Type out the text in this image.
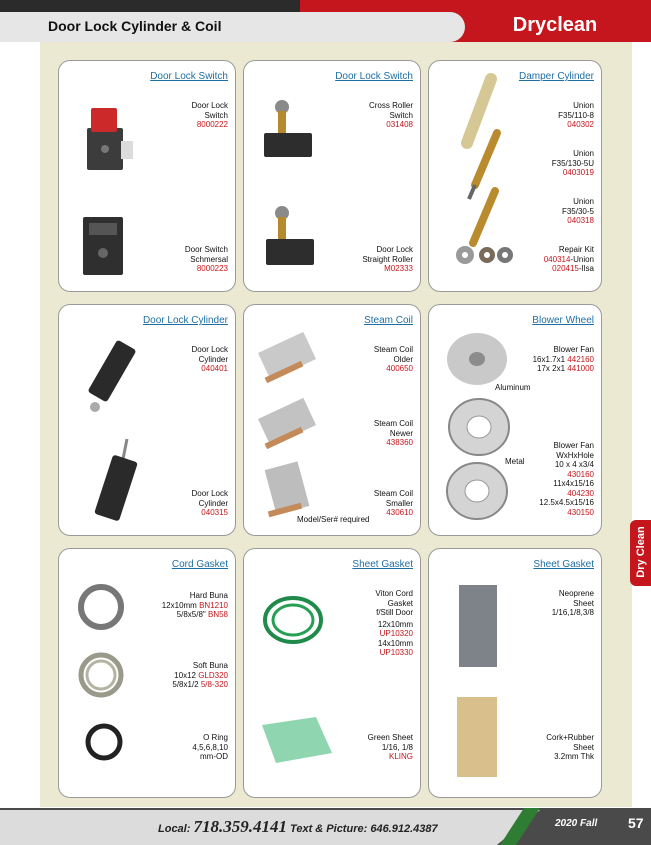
Door Lock Cylinder & Coil	Dryclean
Door Lock Switch
Door Lock
Switch
8000222
Door Switch
Schmersal
8000223
Door Lock Switch
Cross Roller
Switch
031408
Door Lock
Straight Roller
M02333
Damper Cylinder
Union
F35/110-8
040302
Union
F35/130-5U
0403019
Union
F35/30-5
040318
Repair Kit
040314-Union
020415-Ilsa
Door Lock Cylinder
Door Lock
Cylinder
040401
Door Lock
Cylinder
040315
Steam Coil
Steam Coil
Older
400650
Steam Coil
Newer
438360
Steam Coil
Smaller
430610
Model/Ser# required
Blower Wheel
Blower Fan
16x1.7x1 442160
17x 2x1 441000
Aluminum
Blower Fan
WxHxHole
10 x 4 x3/4
430160
11x4x15/16
404230
12.5x4.5x15/16
430150
Metal
Cord Gasket
Hard Buna
12x10mm BN1210
5/8x5/8" BN58
Soft Buna
10x12 GLD320
5/8x1/2 5/8-320
O Ring
4,5,6,8,10
mm-OD
Sheet Gasket
Viton Cord
Gasket
f/Still Door
12x10mm
UP10320
14x10mm
UP10330
Green Sheet
1/16, 1/8
KLING
Sheet Gasket
Neoprene
Sheet
1/16,1/8,3/8
Cork+Rubber
Sheet
3.2mm Thk
Dry Clean
Local: 718.359.4141 Text & Picture: 646.912.4387	2020 Fall 57
